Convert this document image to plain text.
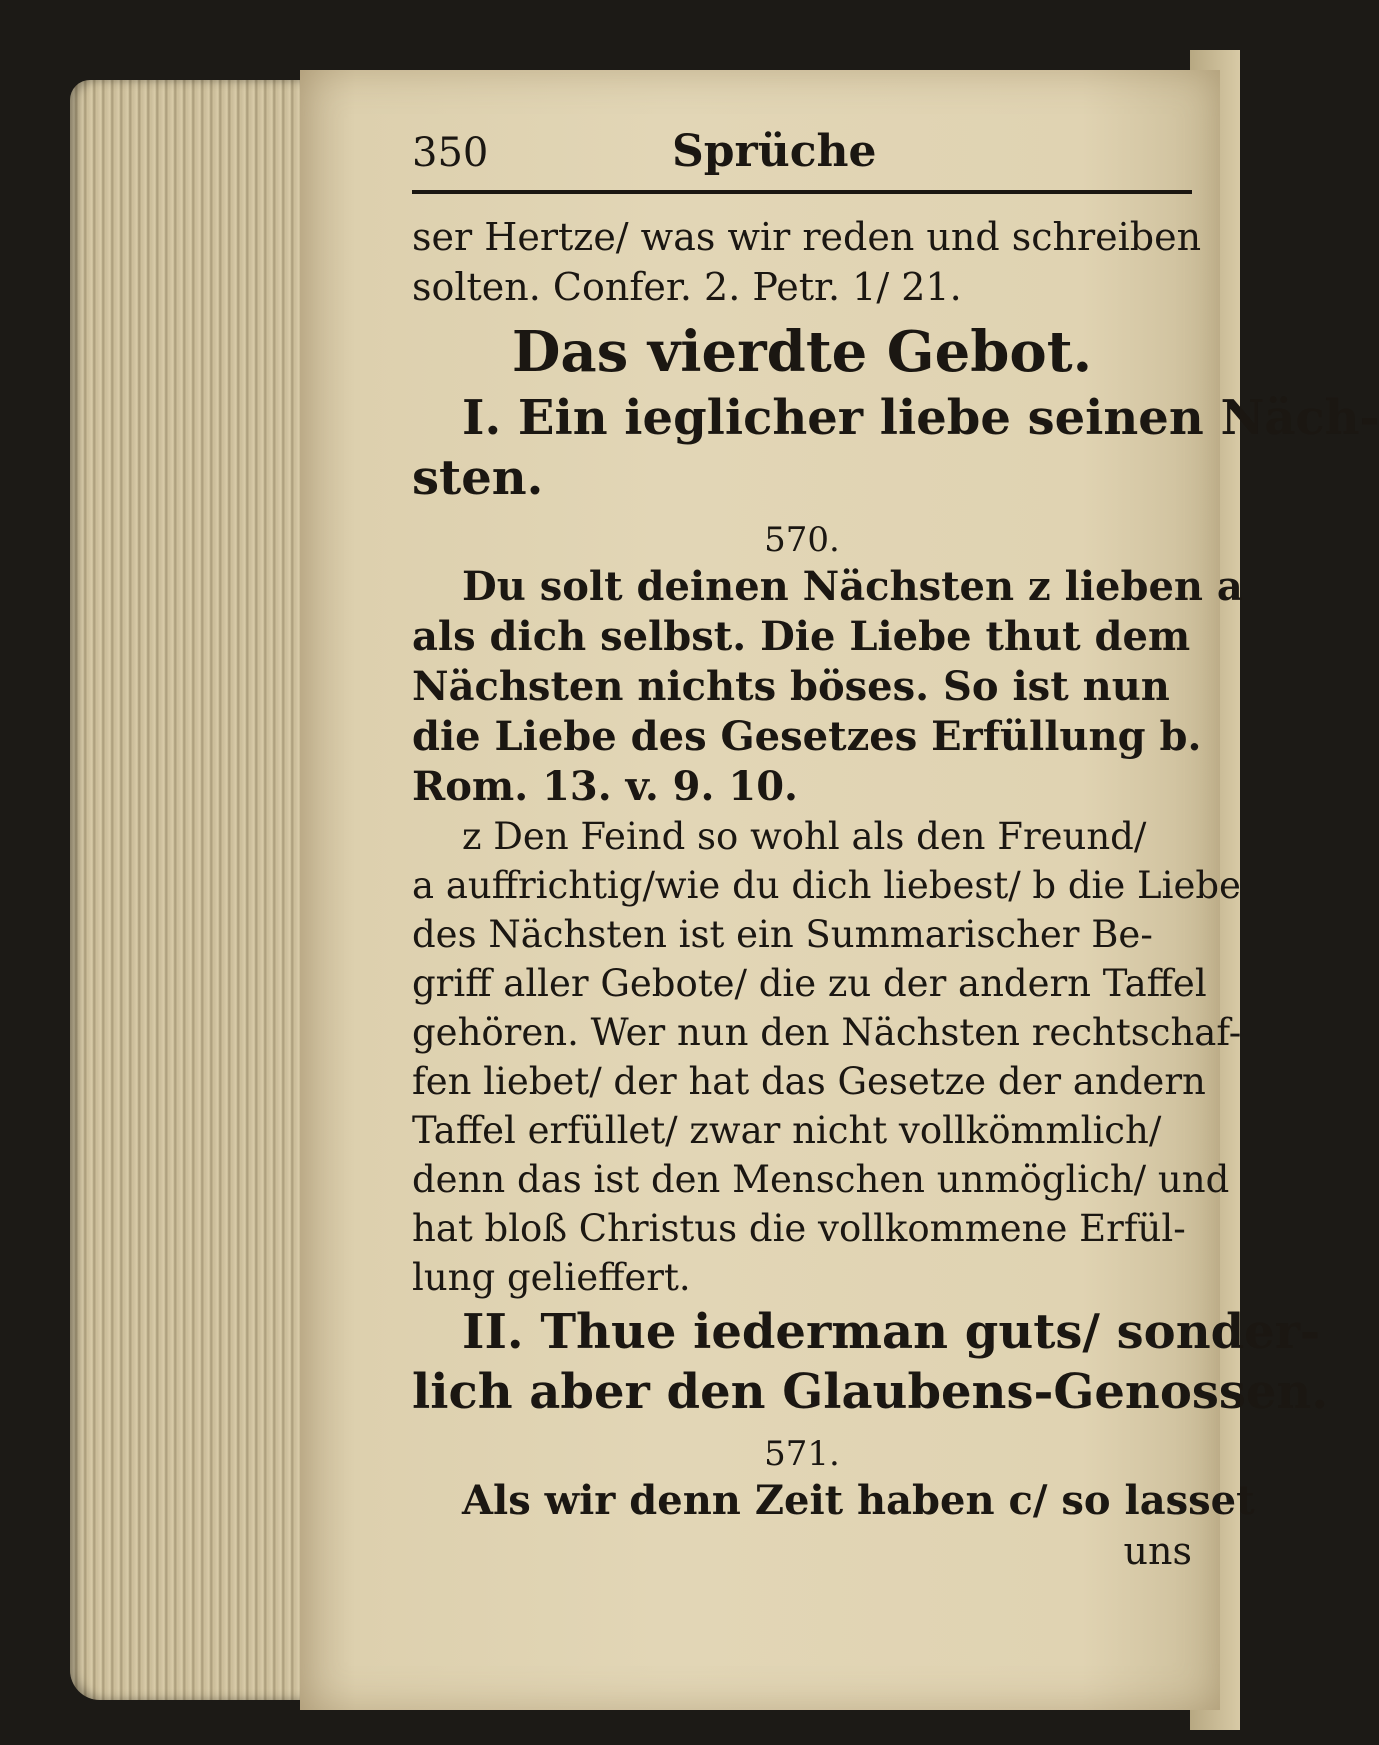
350	Sprüche
ser Hertze/ was wir reden und schreiben
solten. Confer. 2. Petr. 1/ 21.
Das vierdte Gebot.
I. Ein ieglicher liebe seinen Näch-
sten.
570.
Du solt deinen Nächsten z lieben a
als dich selbst. Die Liebe thut dem
Nächsten nichts böses. So ist nun
die Liebe des Gesetzes Erfüllung b.
Rom. 13. v. 9. 10.
z Den Feind so wohl als den Freund/
a auffrichtig/wie du dich liebest/ b die Liebe
des Nächsten ist ein Summarischer Be-
griff aller Gebote/ die zu der andern Taffel
gehören. Wer nun den Nächsten rechtschaf-
fen liebet/ der hat das Gesetze der andern
Taffel erfüllet/ zwar nicht vollkömmlich/
denn das ist den Menschen unmöglich/ und
hat bloß Christus die vollkommene Erfül-
lung gelieffert.
II. Thue iederman guts/ sonder-
lich aber den Glaubens-Genossen.
571.
Als wir denn Zeit haben c/ so lasset
uns
